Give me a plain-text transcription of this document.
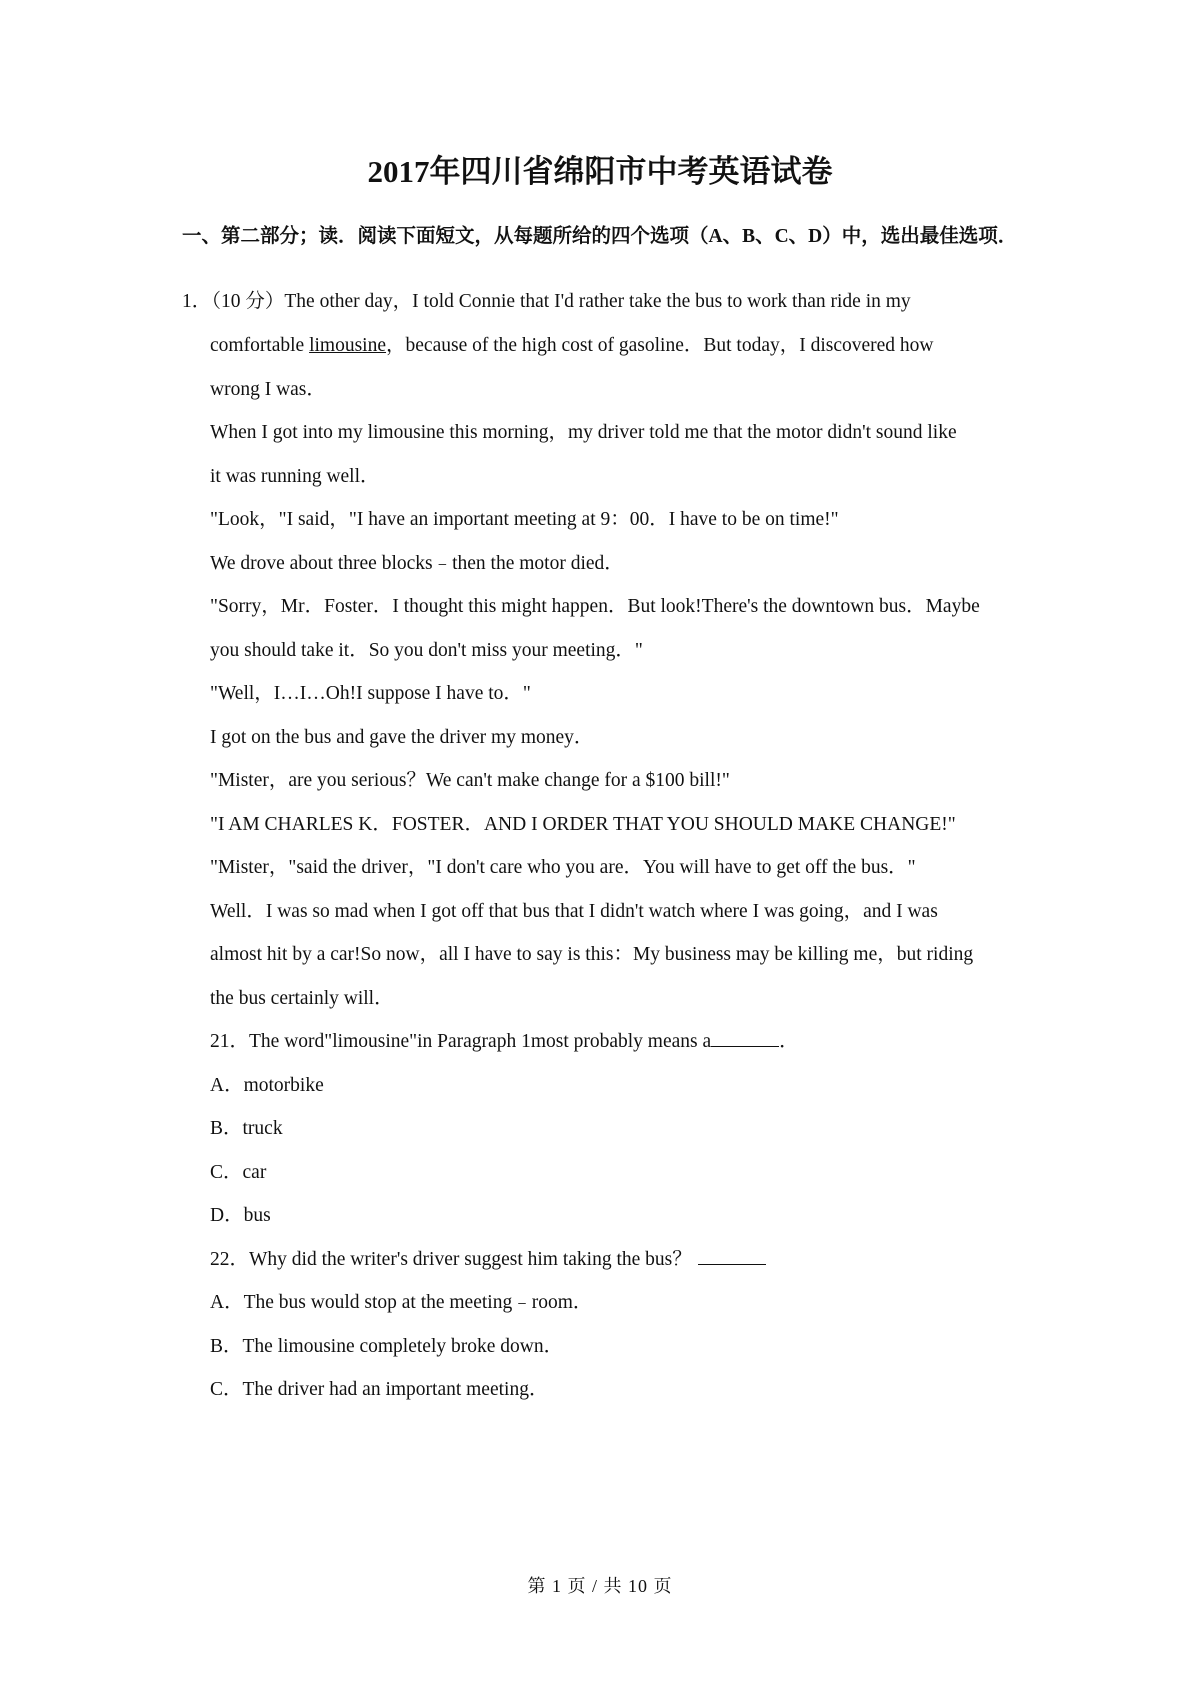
2017年四川省绵阳市中考英语试卷
一、第二部分；读．阅读下面短文，从每题所给的四个选项（A、B、C、D）中，选出最佳选项．
1．（10 分）The other day，I told Connie that I'd rather take the bus to work than ride in my
comfortable limousine，because of the high cost of gasoline．But today，I discovered how
wrong I was．
When I got into my limousine this morning，my driver told me that the motor didn't sound like
it was running well．
"Look，"I said，"I have an important meeting at 9：00．I have to be on time!"
We drove about three blocks﹣then the motor died．
"Sorry，Mr．Foster．I thought this might happen．But look!There's the downtown bus．Maybe
you should take it．So you don't miss your meeting．"
"Well，I…I…Oh!I suppose I have to．"
I got on the bus and gave the driver my money．
"Mister，are you serious？We can't make change for a $100 bill!"
"I AM CHARLES K．FOSTER．AND I ORDER THAT YOU SHOULD MAKE CHANGE!"
"Mister，"said the driver，"I don't care who you are．You will have to get off the bus．"
Well．I was so mad when I got off that bus that I didn't watch where I was going，and I was
almost hit by a car!So now，all I have to say is this：My business may be killing me，but riding
the bus certainly will．
21．The word"limousine"in Paragraph 1most probably means a	．
A．motorbike
B．truck
C．car
D．bus
22．Why did the writer's driver suggest him taking the bus？
A．The bus would stop at the meeting﹣room．
B．The limousine completely broke down．
C．The driver had an important meeting．
第 1 页 / 共 10 页
